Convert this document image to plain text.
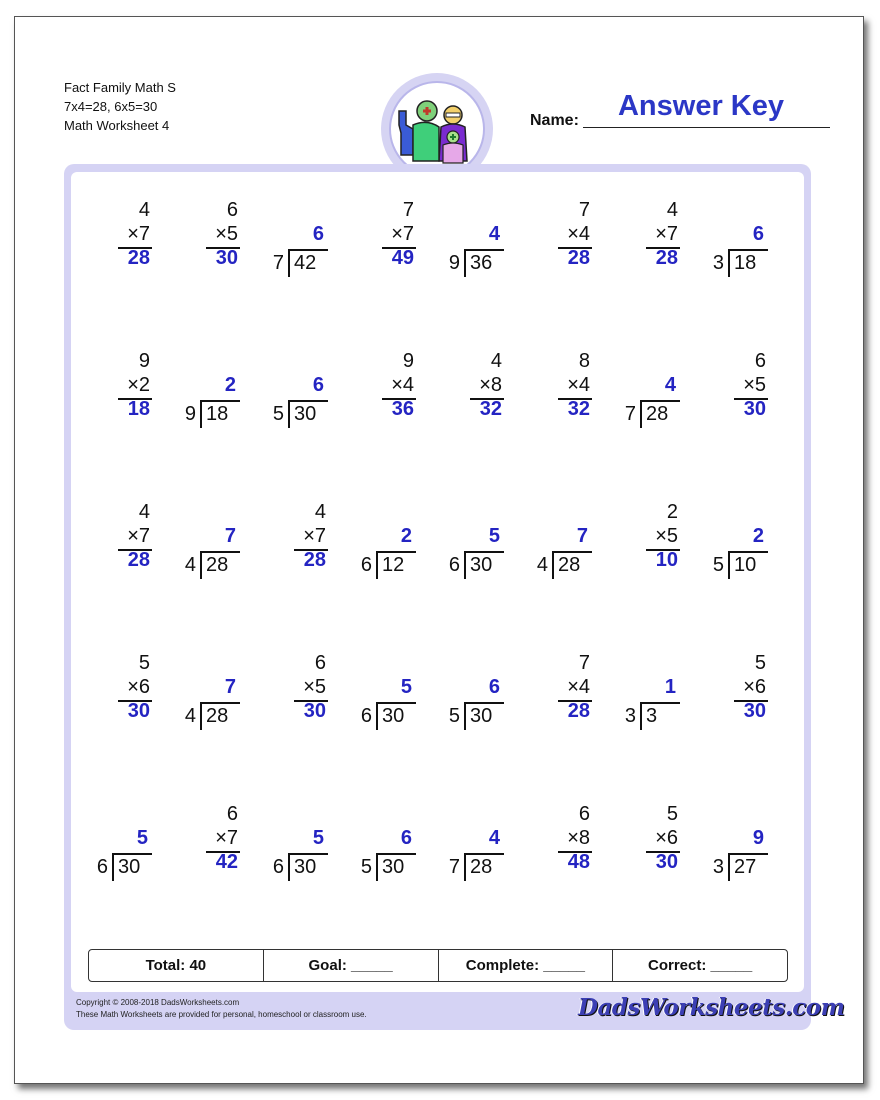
Fact Family Math S
7x4=28, 6x5=30
Math Worksheet 4	Name:	Answer Key
4
×7
28
6
×5
30
6
7 42
7
×7
49
4
9 36
7
×4
28
4
×7
28
6
3 18
9
×2
18
2
9 18
6
5 30
9
×4
36
4
×8
32
8
×4
32
4
7 28
6
×5
30
4
×7
28
7
4 28
4
×7
28
2
6 12
5
6 30
7
4 28
2
×5
10
2
5 10
5
×6
30
7
4 28
6
×5
30
5
6 30
6
5 30
7
×4
28
1
3 3
5
×6
30
5
6 30
6
×7
42
5
6 30
6
5 30
4
7 28
6
×8
48
5
×6
30
9
3 27
Total: 40	Goal: _____	Complete: _____	Correct: _____
Copyright © 2008-2018 DadsWorksheets.com
These Math Worksheets are provided for personal, homeschool or classroom use.	DadsWorksheets.com
